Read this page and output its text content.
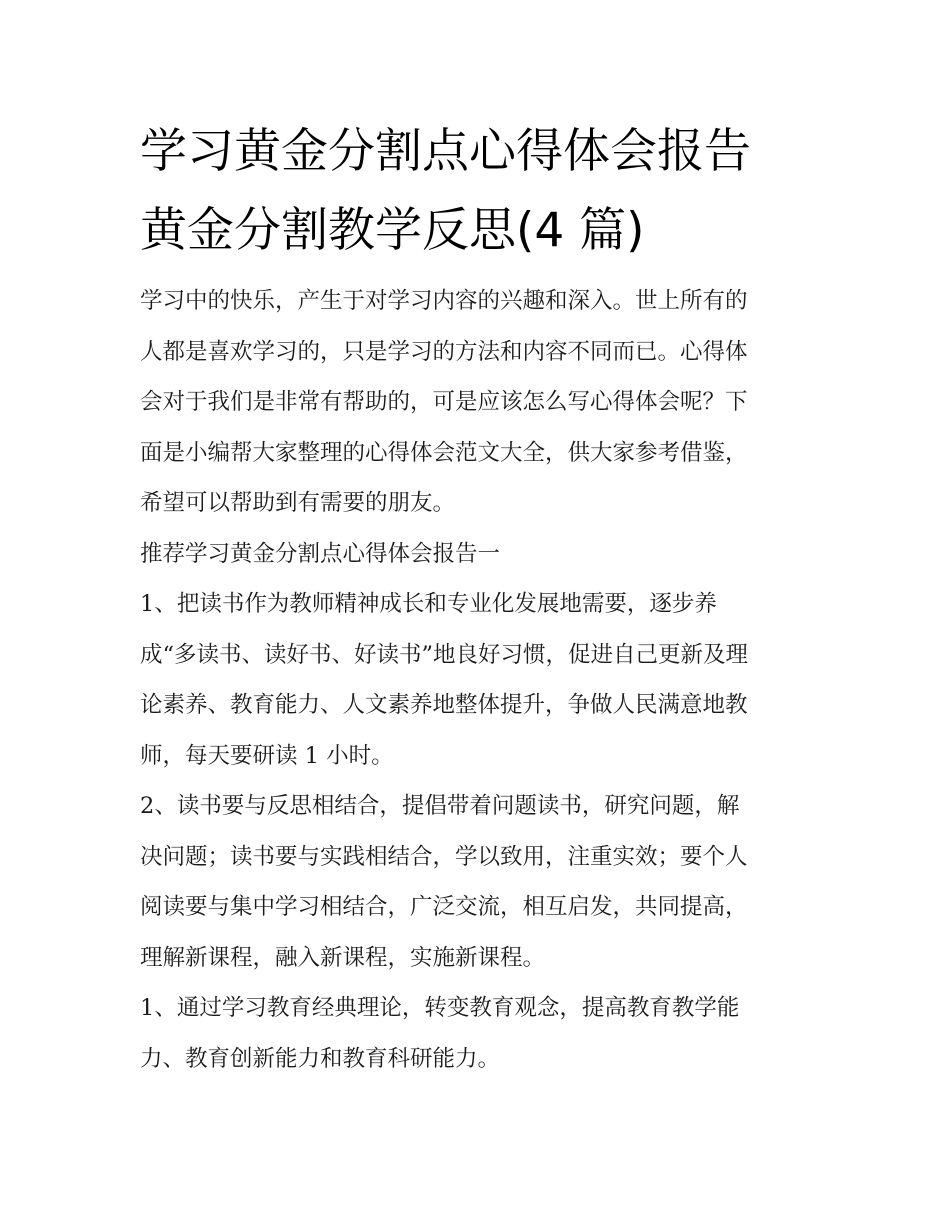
学习黄金分割点心得体会报告
黄金分割教学反思(4 篇)
学习中的快乐，产生于对学习内容的兴趣和深入。世上所有的
人都是喜欢学习的，只是学习的方法和内容不同而已。心得体
会对于我们是非常有帮助的，可是应该怎么写心得体会呢？下
面是小编帮大家整理的心得体会范文大全，供大家参考借鉴，
希望可以帮助到有需要的朋友。
推荐学习黄金分割点心得体会报告一
1、把读书作为教师精神成长和专业化发展地需要，逐步养
成“多读书、读好书、好读书”地良好习惯，促进自己更新及理
论素养、教育能力、人文素养地整体提升，争做人民满意地教
师，每天要研读 1 小时。
2、读书要与反思相结合，提倡带着问题读书，研究问题，解
决问题；读书要与实践相结合，学以致用，注重实效；要个人
阅读要与集中学习相结合，广泛交流，相互启发，共同提高，
理解新课程，融入新课程，实施新课程。
1、通过学习教育经典理论，转变教育观念，提高教育教学能
力、教育创新能力和教育科研能力。
